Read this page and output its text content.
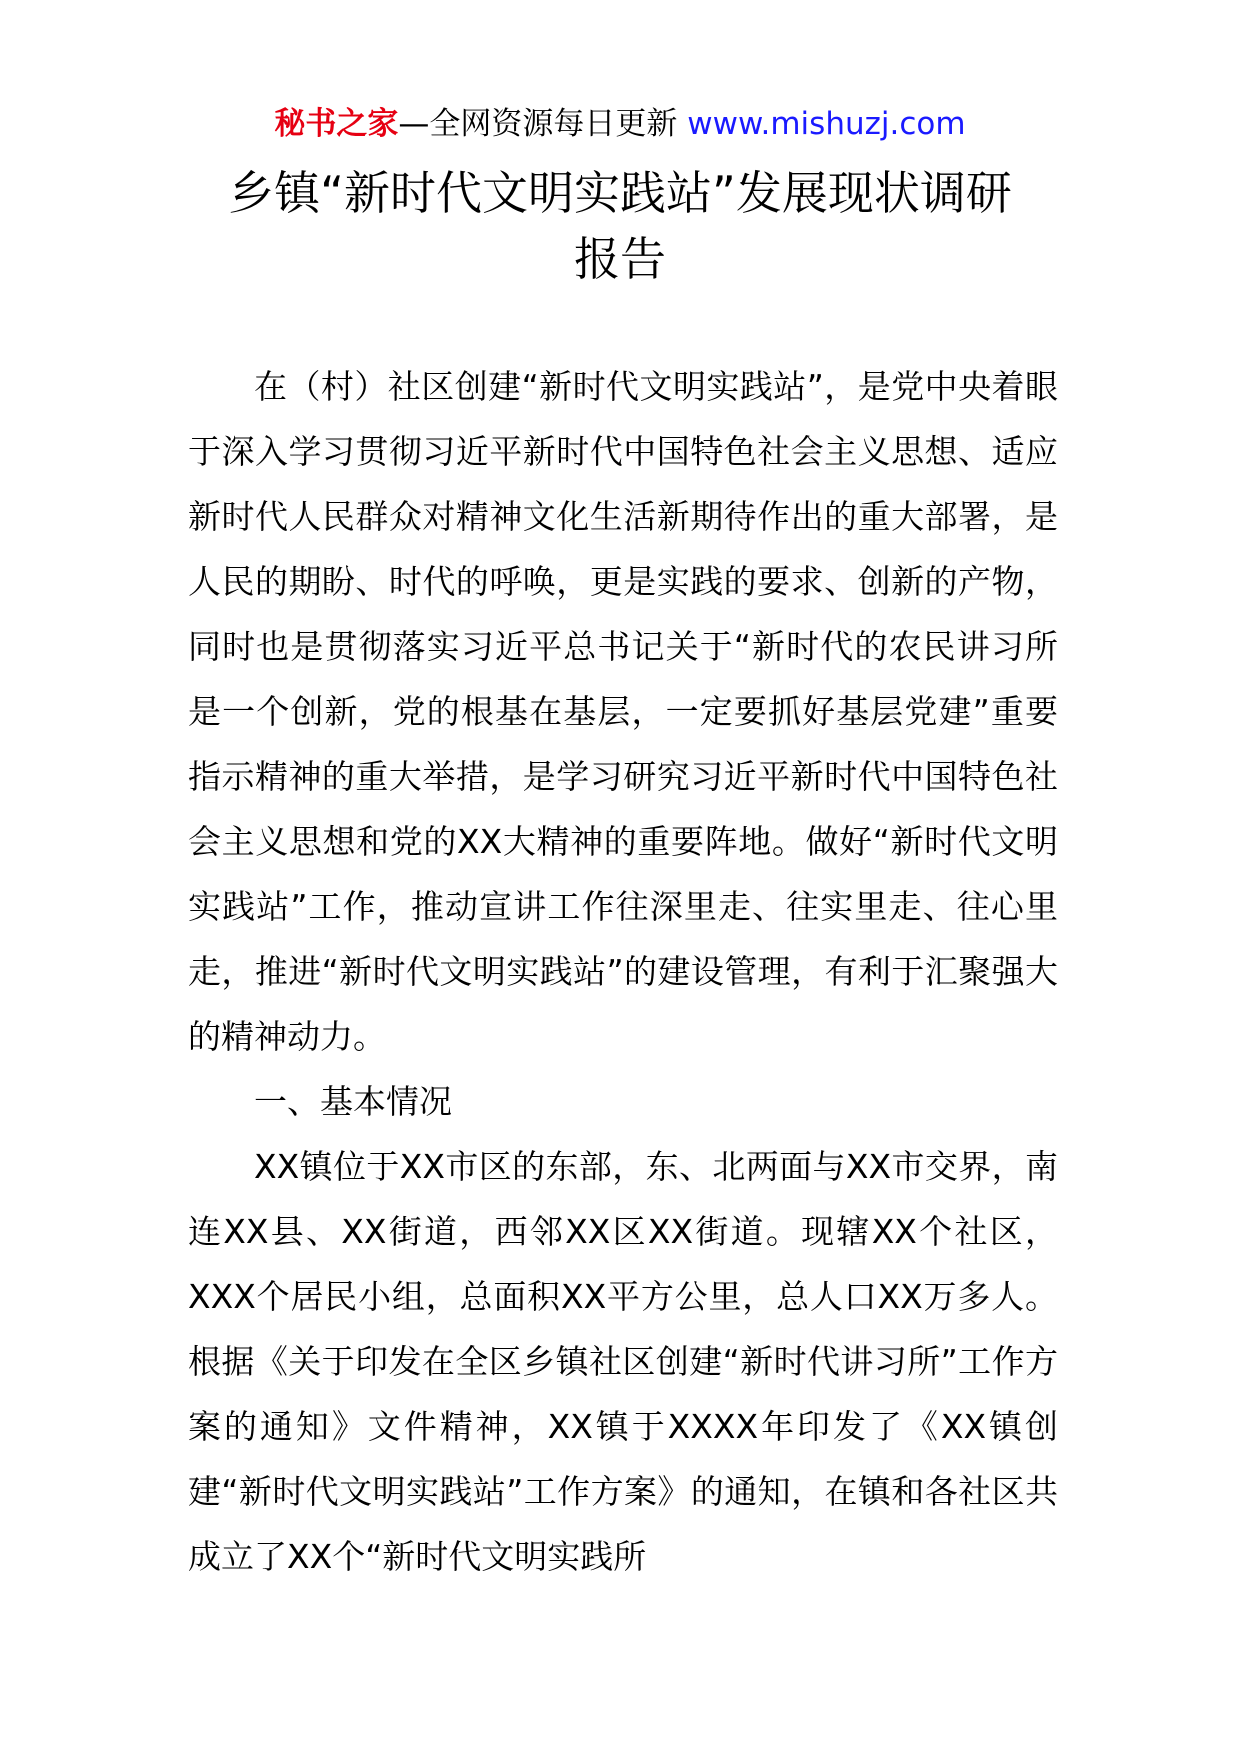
秘书之家—全网资源每日更新 www.mishuzj.com
乡镇“新时代文明实践站”发展现状调研
报告

在（村）社区创建“新时代文明实践站”，是党中央着眼于深入学习贯彻习近平新时代中国特色社会主义思想、适应新时代人民群众对精神文化生活新期待作出的重大部署，是人民的期盼、时代的呼唤，更是实践的要求、创新的产物，同时也是贯彻落实习近平总书记关于“新时代的农民讲习所是一个创新，党的根基在基层，一定要抓好基层党建”重要指示精神的重大举措，是学习研究习近平新时代中国特色社会主义思想和党的XX大精神的重要阵地。做好“新时代文明实践站”工作，推动宣讲工作往深里走、往实里走、往心里走，推进“新时代文明实践站”的建设管理，有利于汇聚强大的精神动力。

一、基本情况

XX镇位于XX市区的东部，东、北两面与XX市交界，南连XX县、XX街道，西邻XX区XX街道。现辖XX个社区，XXX个居民小组，总面积XX平方公里，总人口XX万多人。根据《关于印发在全区乡镇社区创建“新时代讲习所”工作方案的通知》文件精神，XX镇于XXXX年印发了《XX镇创建“新时代文明实践站”工作方案》的通知，在镇和各社区共成立了XX个“新时代文明实践所
